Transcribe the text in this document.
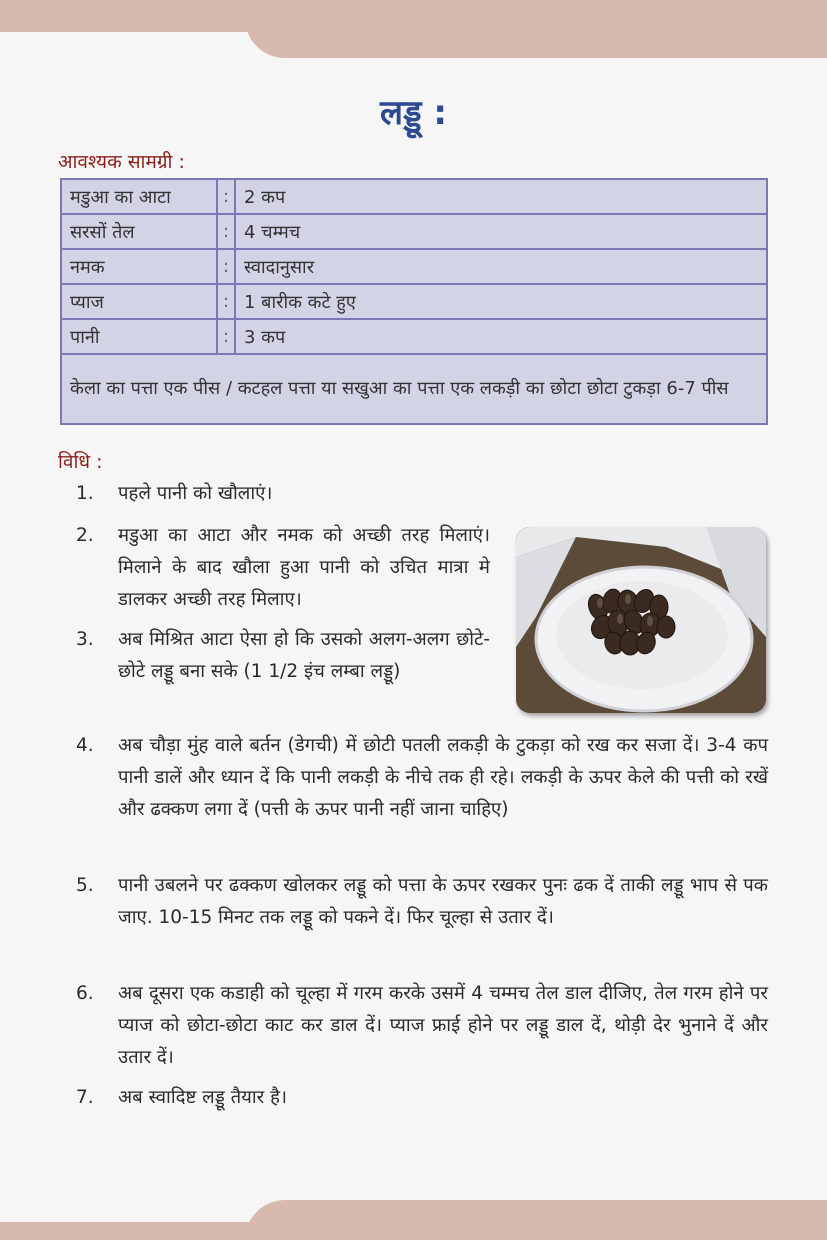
लड्डू :
आवश्यक सामग्री :
मडुआ का आटा	:	2 कप
सरसों तेल	:	4 चम्मच
नमक	:	स्वादानुसार
प्याज	:	1 बारीक कटे हुए
पानी	:	3 कप
केला का पत्ता एक पीस / कटहल पत्ता या सखुआ का पत्ता एक लकड़ी का छोटा छोटा टुकड़ा 6-7 पीस		
विधि :
1.	पहले पानी को खौलाएं।
2.	मडुआ का आटा और नमक को अच्छी तरह मिलाएं। मिलाने के बाद खौला हुआ पानी को उचित मात्रा मे डालकर अच्छी तरह मिलाए।
3.	अब मिश्रित आटा ऐसा हो कि उसको अलग-अलग छोटे-छोटे लड्डू बना सके (1 1/2 इंच लम्बा लड्डू)
4.	अब चौड़ा मुंह वाले बर्तन (डेगची) में छोटी पतली लकड़ी के टुकड़ा को रख कर सजा दें। 3-4 कप पानी डालें और ध्यान दें कि पानी लकड़ी के नीचे तक ही रहे। लकड़ी के ऊपर केले की पत्ती को रखें और ढक्कण लगा दें (पत्ती के ऊपर पानी नहीं जाना चाहिए)
5.	पानी उबलने पर ढक्कण खोलकर लड्डू को पत्ता के ऊपर रखकर पुनः ढक दें ताकी लड्डू भाप से पक जाए. 10-15 मिनट तक लड्डू को पकने दें। फिर चूल्हा से उतार दें।
6.	अब दूसरा एक कडाही को चूल्हा में गरम करके उसमें 4 चम्मच तेल डाल दीजिए, तेल गरम होने पर प्याज को छोटा-छोटा काट कर डाल दें। प्याज फ्राई होने पर लड्डू डाल दें, थोड़ी देर भुनाने दें और उतार दें।
7.	अब स्वादिष्ट लड्डू तैयार है।
